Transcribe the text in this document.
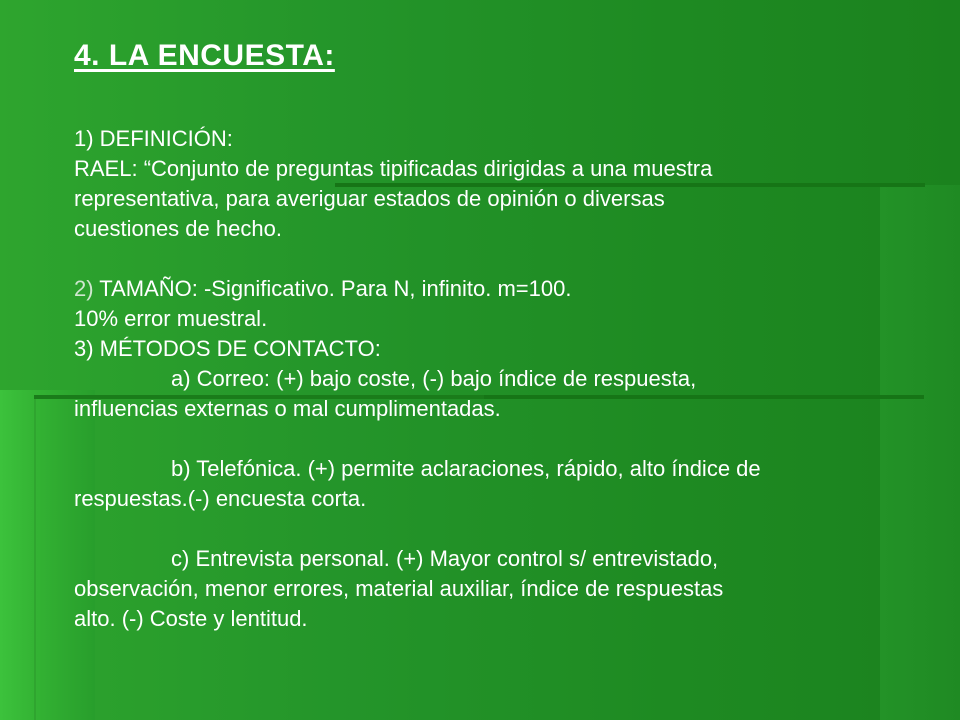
4. LA ENCUESTA:
1) DEFINICIÓN:
RAEL: “Conjunto de preguntas tipificadas dirigidas a una muestra
representativa, para averiguar estados de opinión o diversas
cuestiones de hecho.
2) TAMAÑO: -Significativo. Para N, infinito. m=100.
10% error muestral.
3) MÉTODOS DE CONTACTO:
a) Correo: (+) bajo coste, (-) bajo índice de respuesta,
influencias externas o mal cumplimentadas.
b) Telefónica. (+) permite aclaraciones, rápido, alto índice de
respuestas.(-) encuesta corta.
c) Entrevista personal. (+) Mayor control s/ entrevistado,
observación, menor errores, material auxiliar, índice de respuestas
alto. (-) Coste y lentitud.
